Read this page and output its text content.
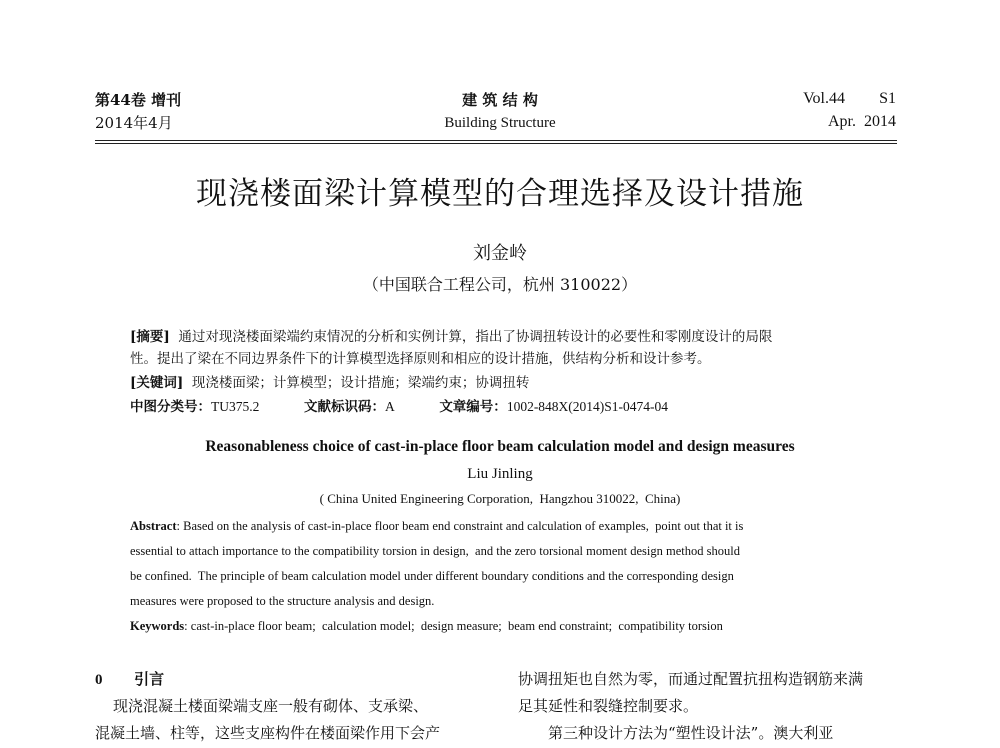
第44卷 增刊
2014年4月
建 筑 结 构
Building Structure
Vol.44 S1
Apr.  2014
现浇楼面梁计算模型的合理选择及设计措施
刘金岭
（中国联合工程公司，杭州 310022）
[摘要] 通过对现浇楼面梁端约束情况的分析和实例计算，指出了协调扭转设计的必要性和零刚度设计的局限
性。提出了梁在不同边界条件下的计算模型选择原则和相应的设计措施，供结构分析和设计参考。
[关键词] 现浇楼面梁；计算模型；设计措施；梁端约束；协调扭转
中图分类号：TU375.2	文献标识码：A	文章编号：1002-848X(2014)S1-0474-04
Reasonableness choice of cast-in-place floor beam calculation model and design measures
Liu Jinling
( China United Engineering Corporation,  Hangzhou 310022,  China)
Abstract: Based on the analysis of cast-in-place floor beam end constraint and calculation of examples,  point out that it is
essential to attach importance to the compatibility torsion in design,  and the zero torsional moment design method should
be confined.  The principle of beam calculation model under different boundary conditions and the corresponding design
measures were proposed to the structure analysis and design.
Keywords: cast-in-place floor beam;  calculation model;  design measure;  beam end constraint;  compatibility torsion
0 引言
现浇混凝土楼面梁端支座一般有砌体、支承梁、
混凝土墙、柱等，这些支座构件在楼面梁作用下会产
协调扭矩也自然为零，而通过配置抗扭构造钢筋来满
足其延性和裂缝控制要求。
第三种设计方法为“塑性设计法”。澳大利亚
